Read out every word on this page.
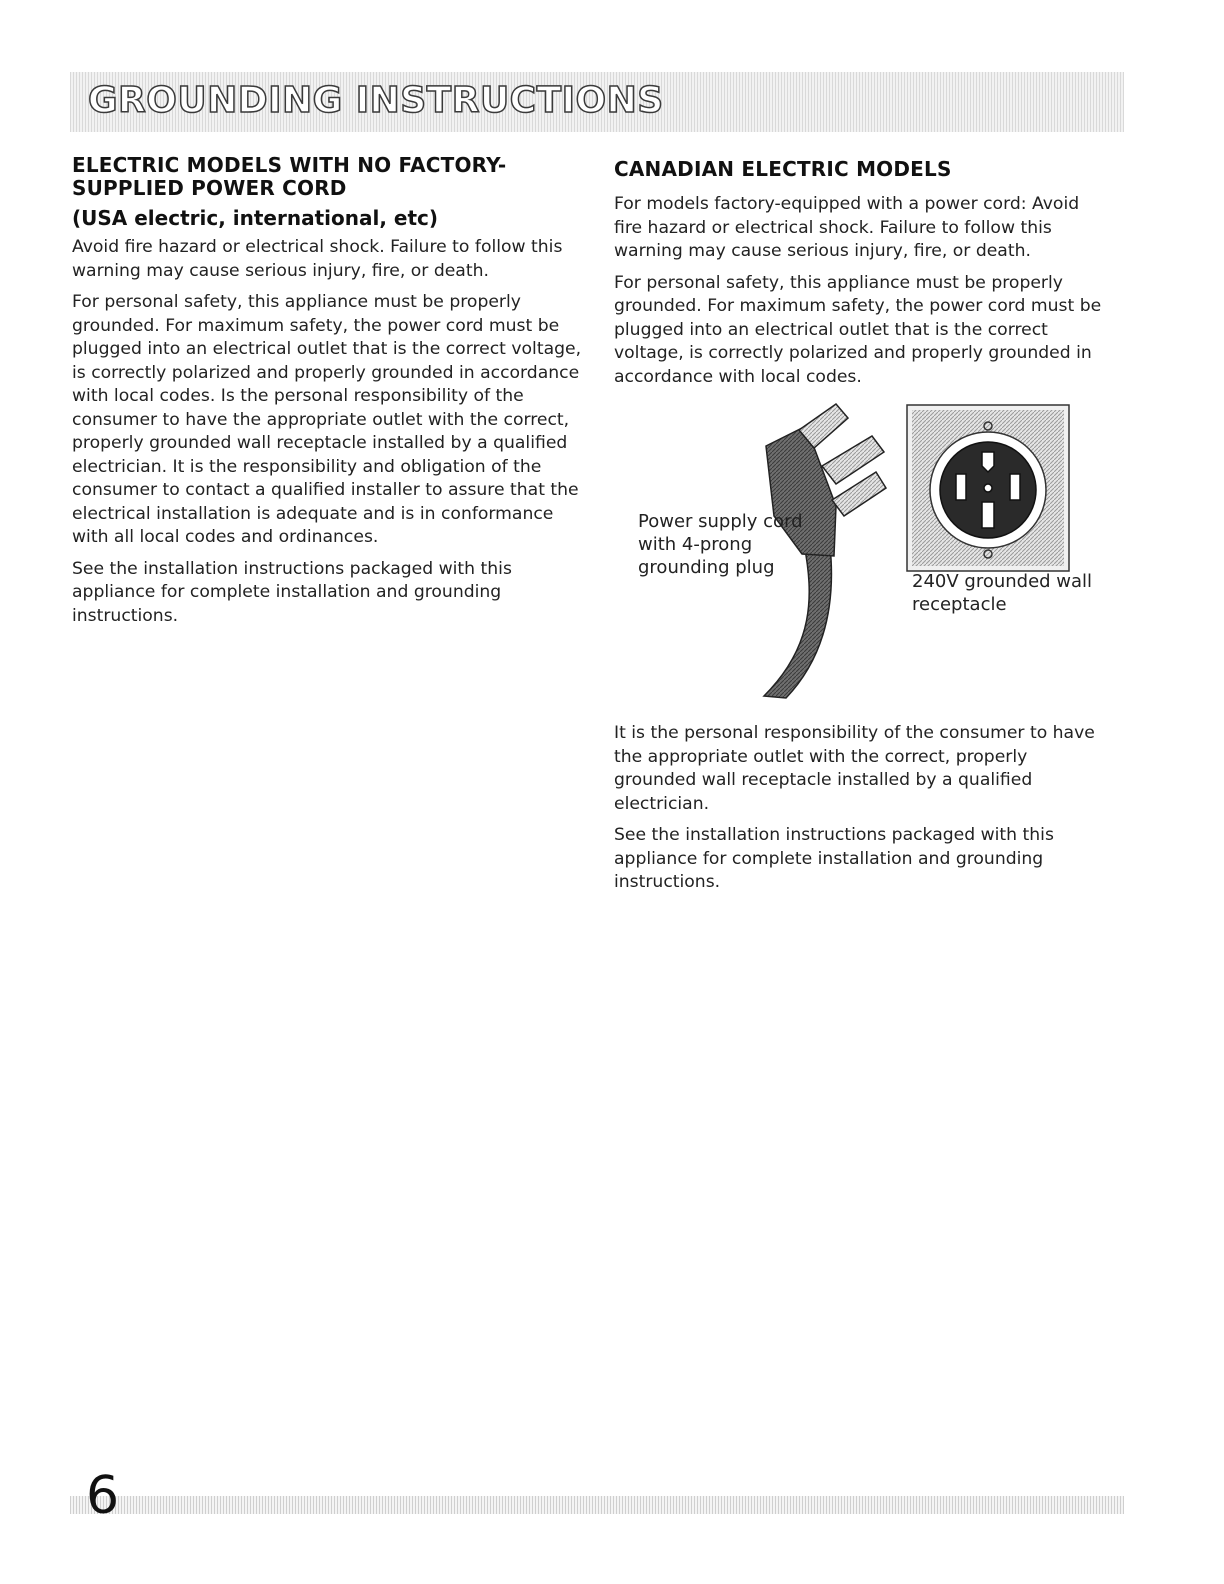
GROUNDING INSTRUCTIONS
ELECTRIC MODELS WITH NO FACTORY-SUPPLIED POWER CORD
(USA electric, international, etc)

Avoid fire hazard or electrical shock. Failure to follow this warning may cause serious injury, fire, or death.

For personal safety, this appliance must be properly grounded. For maximum safety, the power cord must be plugged into an electrical outlet that is the correct voltage, is correctly polarized and properly grounded in accordance with local codes. Is the personal responsibility of the consumer to have the appropriate outlet with the correct, properly grounded wall receptacle installed by a qualified electrician. It is the responsibility and obligation of the consumer to contact a qualified installer to assure that the electrical installation is adequate and is in conformance with all local codes and ordinances.

See the installation instructions packaged with this appliance for complete installation and grounding instructions.

CANADIAN ELECTRIC MODELS

For models factory-equipped with a power cord: Avoid fire hazard or electrical shock. Failure to follow this warning may cause serious injury, fire, or death.

For personal safety, this appliance must be properly grounded. For maximum safety, the power cord must be plugged into an electrical outlet that is the correct voltage, is correctly polarized and properly grounded in accordance with local codes.

Power supply cord with 4-prong grounding plug

240V grounded wall receptacle

It is the personal responsibility of the consumer to have the appropriate outlet with the correct, properly grounded wall receptacle installed by a qualified electrician.

See the installation instructions packaged with this appliance for complete installation and grounding instructions.

6
